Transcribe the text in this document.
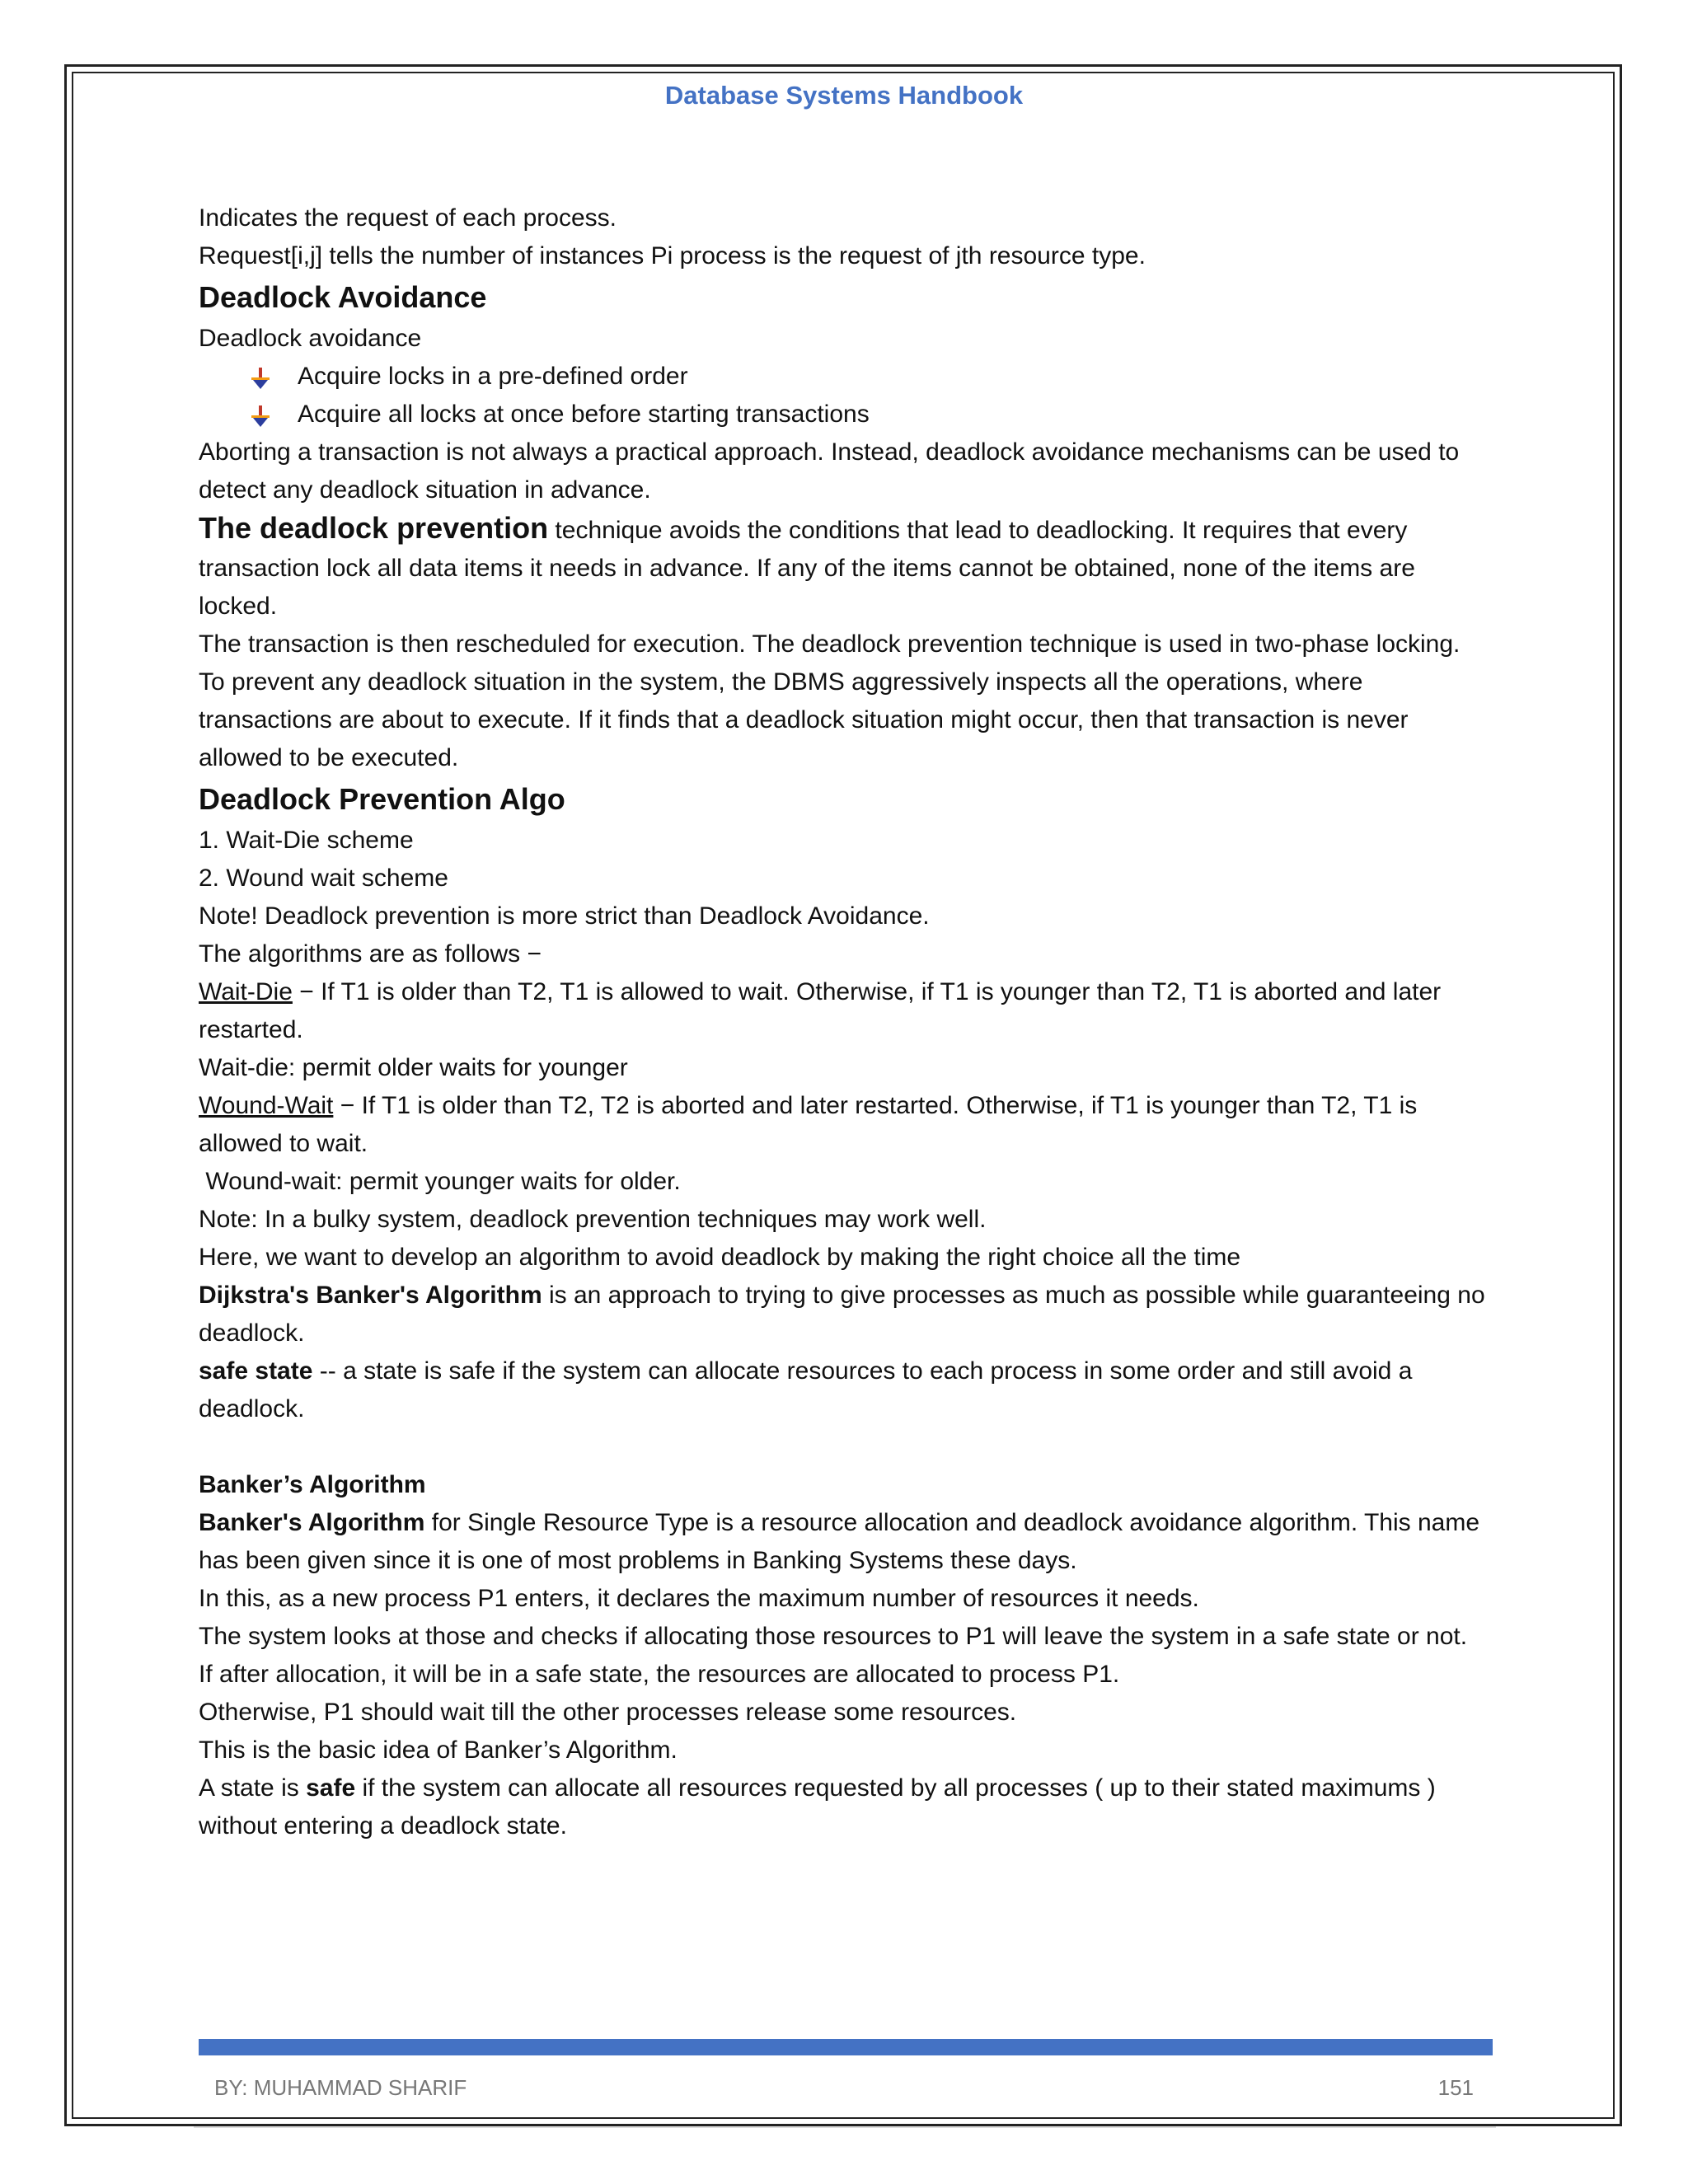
Database Systems Handbook

Indicates the request of each process.

Request[i,j] tells the number of instances Pi process is the request of jth resource type.

Deadlock Avoidance

Deadlock avoidance

Acquire locks in a pre-defined order
Acquire all locks at once before starting transactions

Aborting a transaction is not always a practical approach. Instead, deadlock avoidance mechanisms can be used to detect any deadlock situation in advance.

The deadlock prevention technique avoids the conditions that lead to deadlocking. It requires that every transaction lock all data items it needs in advance. If any of the items cannot be obtained, none of the items are locked.

The transaction is then rescheduled for execution. The deadlock prevention technique is used in two-phase locking.

To prevent any deadlock situation in the system, the DBMS aggressively inspects all the operations, where transactions are about to execute. If it finds that a deadlock situation might occur, then that transaction is never allowed to be executed.

Deadlock Prevention Algo

1. Wait-Die scheme

2. Wound wait scheme

Note! Deadlock prevention is more strict than Deadlock Avoidance.

The algorithms are as follows −

Wait-Die − If T1 is older than T2, T1 is allowed to wait. Otherwise, if T1 is younger than T2, T1 is aborted and later restarted.

Wait-die: permit older waits for younger

Wound-Wait − If T1 is older than T2, T2 is aborted and later restarted. Otherwise, if T1 is younger than T2, T1 is allowed to wait.

Wound-wait: permit younger waits for older.

Note: In a bulky system, deadlock prevention techniques may work well.

Here, we want to develop an algorithm to avoid deadlock by making the right choice all the time

Dijkstra's Banker's Algorithm is an approach to trying to give processes as much as possible while guaranteeing no deadlock.

safe state -- a state is safe if the system can allocate resources to each process in some order and still avoid a deadlock.

Banker’s Algorithm

Banker's Algorithm for Single Resource Type is a resource allocation and deadlock avoidance algorithm. This name has been given since it is one of most problems in Banking Systems these days.

In this, as a new process P1 enters, it declares the maximum number of resources it needs.

The system looks at those and checks if allocating those resources to P1 will leave the system in a safe state or not.

If after allocation, it will be in a safe state, the resources are allocated to process P1.

Otherwise, P1 should wait till the other processes release some resources.

This is the basic idea of Banker’s Algorithm.

A state is safe if the system can allocate all resources requested by all processes ( up to their stated maximums ) without entering a deadlock state.

BY: MUHAMMAD SHARIF	151
